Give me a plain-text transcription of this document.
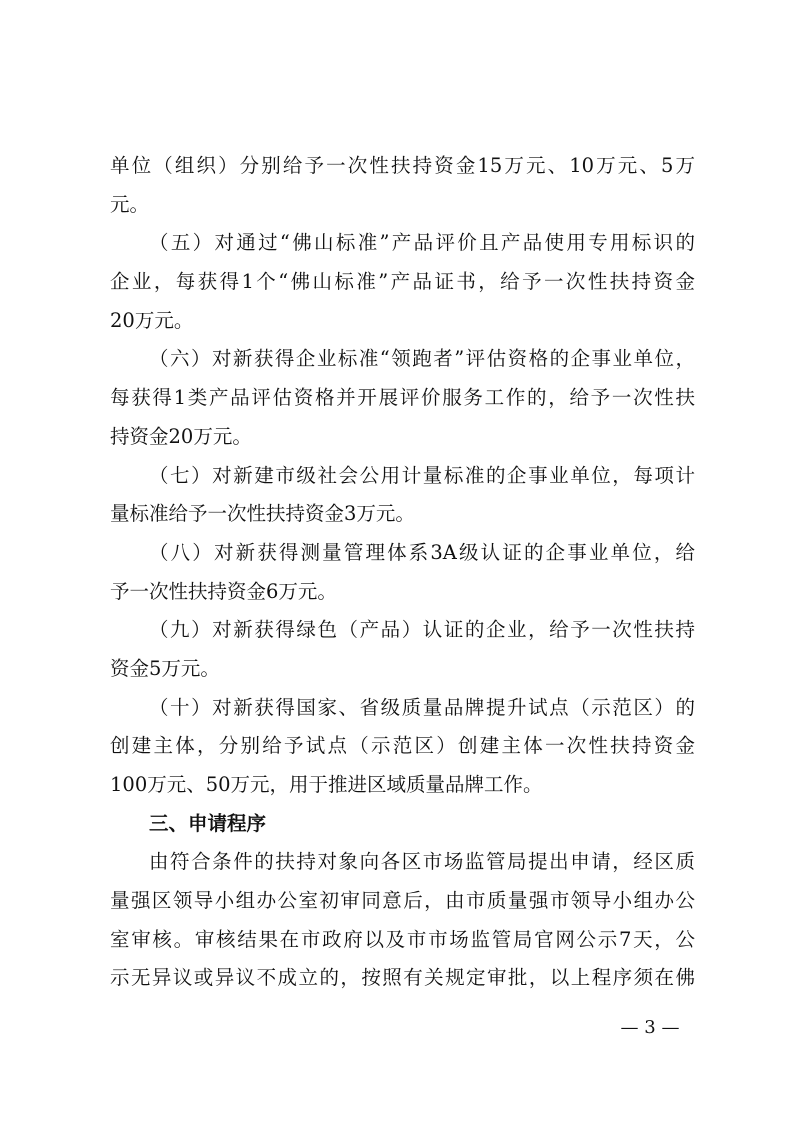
单位（组织）分别给予一次性扶持资金15万元、10万元、5万
元。
（五）对通过“佛山标准”产品评价且产品使用专用标识的
企业，每获得1个“佛山标准”产品证书，给予一次性扶持资金
20万元。
（六）对新获得企业标准“领跑者”评估资格的企事业单位，
每获得1类产品评估资格并开展评价服务工作的，给予一次性扶
持资金20万元。
（七）对新建市级社会公用计量标准的企事业单位，每项计
量标准给予一次性扶持资金3万元。
（八）对新获得测量管理体系3A级认证的企事业单位，给
予一次性扶持资金6万元。
（九）对新获得绿色（产品）认证的企业，给予一次性扶持
资金5万元。
（十）对新获得国家、省级质量品牌提升试点（示范区）的
创建主体，分别给予试点（示范区）创建主体一次性扶持资金
100万元、50万元，用于推进区域质量品牌工作。
三、申请程序
由符合条件的扶持对象向各区市场监管局提出申请，经区质
量强区领导小组办公室初审同意后，由市质量强市领导小组办公
室审核。审核结果在市政府以及市市场监管局官网公示7天，公
示无异议或异议不成立的，按照有关规定审批，以上程序须在佛
— 3 —
